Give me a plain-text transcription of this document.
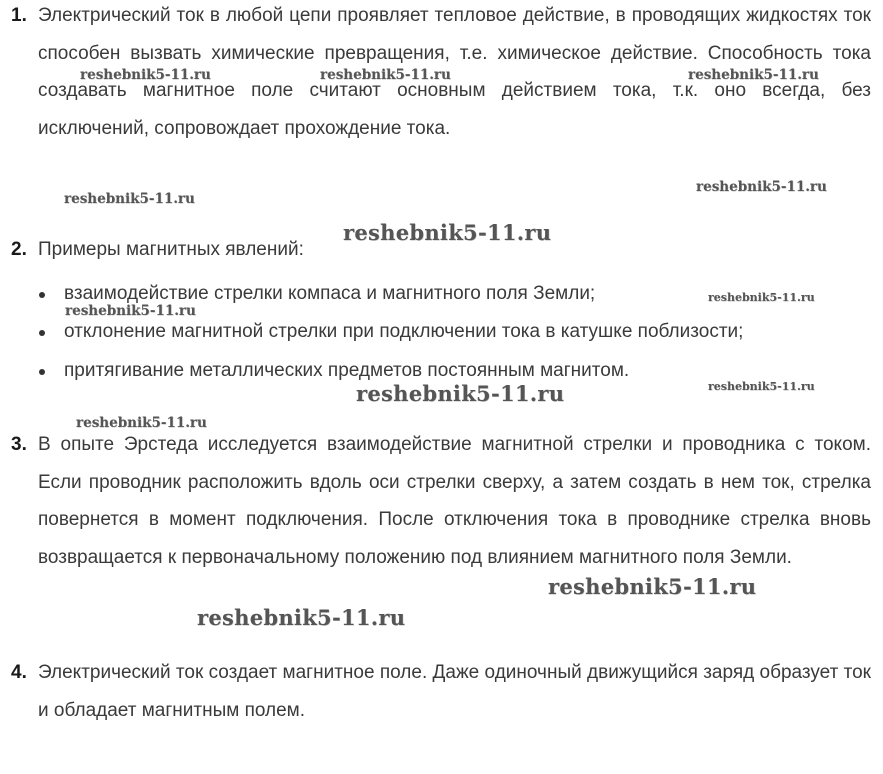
1. Электрический ток в любой цепи проявляет тепловое действие, в проводящих жидкостях ток способен вызвать химические превращения, т.е. химическое действие. Способность тока создавать магнитное поле считают основным действием тока, т.к. оно всегда, без исключений, сопровождает прохождение тока.

2. Примеры магнитных явлений:
взаимодействие стрелки компаса и магнитного поля Земли;
отклонение магнитной стрелки при подключении тока в катушке поблизости;
притягивание металлических предметов постоянным магнитом.
3. В опыте Эрстеда исследуется взаимодействие магнитной стрелки и проводника с током. Если проводник расположить вдоль оси стрелки сверху, а затем создать в нем ток, стрелка повернется в момент подключения. После отключения тока в проводнике стрелка вновь возвращается к первоначальному положению под влиянием магнитного поля Земли.

4. Электрический ток создает магнитное поле. Даже одиночный движущийся заряд образует ток и обладает магнитным полем.

reshebnik5-11.ru	reshebnik5-11.ru	reshebnik5-11.ru
reshebnik5-11.ru
reshebnik5-11.ru
reshebnik5-11.ru
reshebnik5-11.ru
reshebnik5-11.ru
reshebnik5-11.ru	reshebnik5-11.ru
reshebnik5-11.ru
reshebnik5-11.ru
reshebnik5-11.ru
